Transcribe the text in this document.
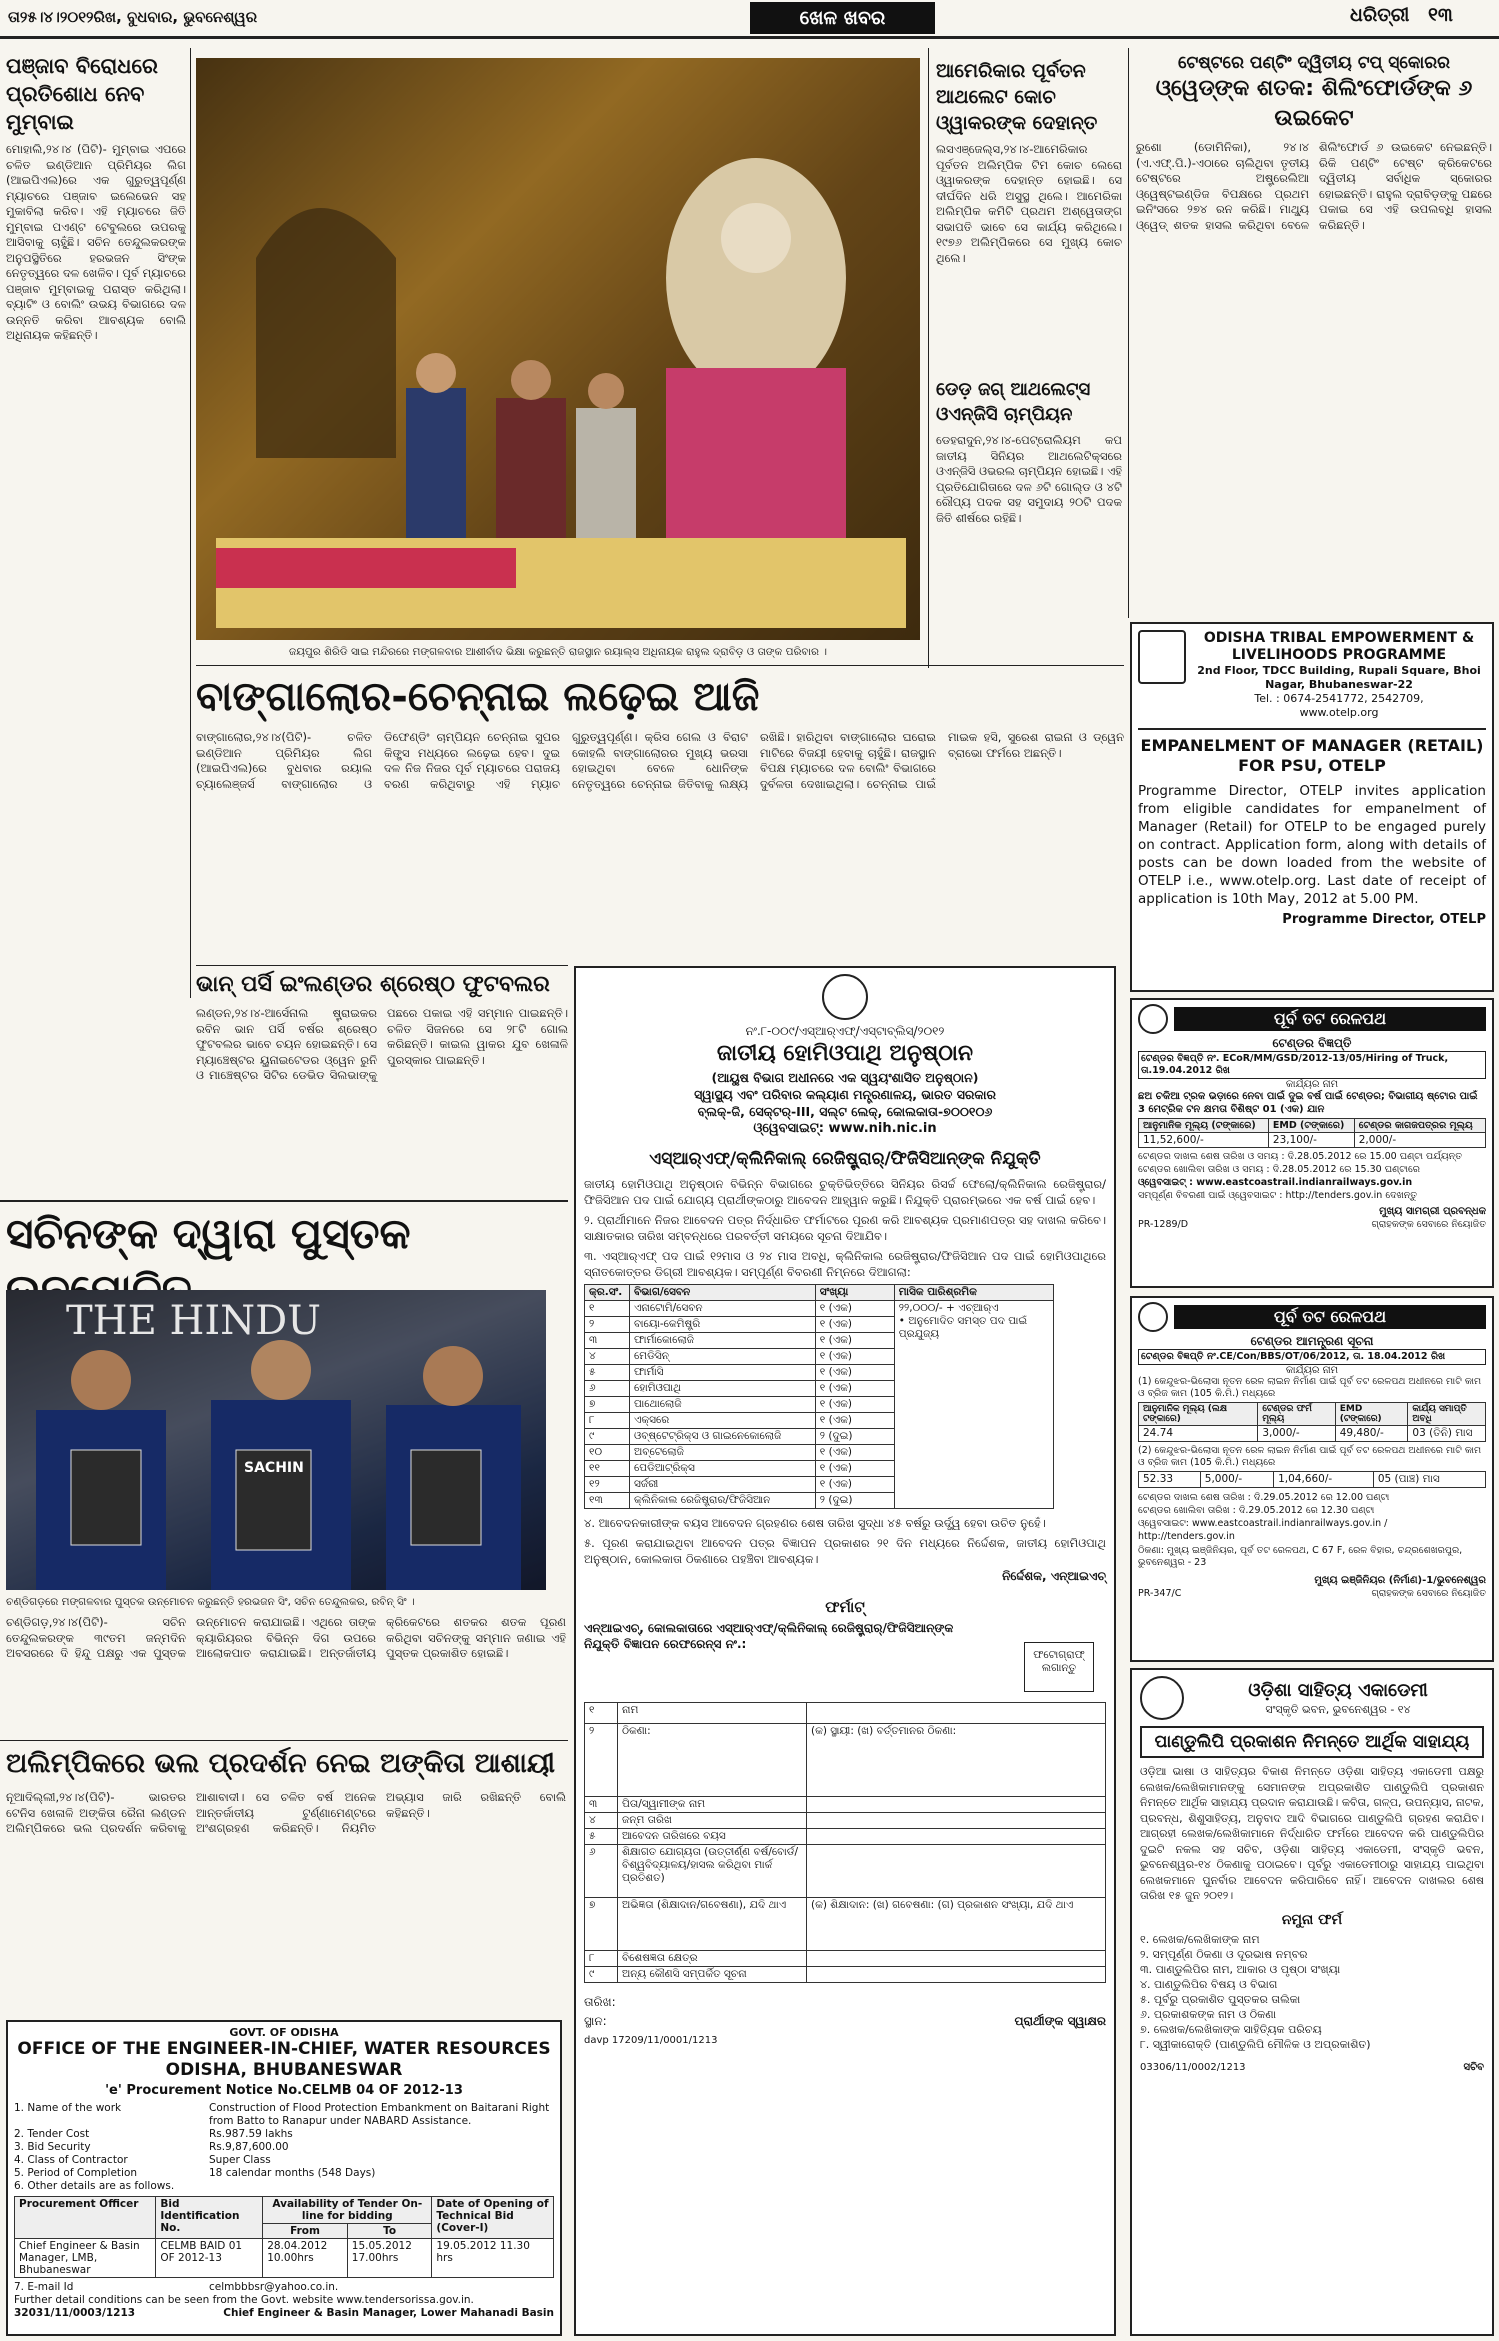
ତା୨୫।୪।୨୦୧୨ରିଖ, ବୁଧବାର, ଭୁବନେଶ୍ୱର	ଖେଳ ଖବର	ଧରିତ୍ରୀ ୧୩
ପଞ୍ଜାବ ବିରୋଧରେ ପ୍ରତିଶୋଧ ନେବ ମୁମ୍ବାଇ
ମୋହାଲି,୨୪।୪ (ପିଟି)- ମୁମ୍ବାଇ ଏପରେ ଚଳିତ ଇଣ୍ଡିଆନ ପ୍ରିମିୟର ଲିଗ (ଆଇପିଏଲ)ରେ ଏକ ଗୁରୁତ୍ୱପୂର୍ଣ୍ଣ ମ୍ୟାଚରେ ପଞ୍ଜାବ ଇଲେଭେନ ସହ ମୁକାବିଲା କରିବ। ଏହି ମ୍ୟାଚରେ ଜିତି ମୁମ୍ବାଇ ପଏଣ୍ଟ ଟେବୁଲରେ ଉପରକୁ ଆସିବାକୁ ଚାହୁଁଛି। ସଚିନ ତେନ୍ଦୁଲକରଙ୍କ ଅନୁପସ୍ଥିତିରେ ହରଭଜନ ସିଂଙ୍କ ନେତୃତ୍ୱରେ ଦଳ ଖେଳିବ। ପୂର୍ବ ମ୍ୟାଚରେ ପଞ୍ଜାବ ମୁମ୍ବାଇକୁ ପରାସ୍ତ କରିଥିଲା। ବ୍ୟାଟିଂ ଓ ବୋଲିଂ ଉଭୟ ବିଭାଗରେ ଦଳ ଉନ୍ନତି କରିବା ଆବଶ୍ୟକ ବୋଲି ଅଧିନାୟକ କହିଛନ୍ତି।
ଜୟପୁର ଶିରିଡି ସାଇ ମନ୍ଦିରରେ ମଙ୍ଗଳବାର ଆଶୀର୍ବାଦ ଭିକ୍ଷା କରୁଛନ୍ତି ରାଜସ୍ଥାନ ରୟାଲ୍ସ ଅଧିନାୟକ ରାହୁଲ ଦ୍ରାବିଡ଼ ଓ ତାଙ୍କ ପରିବାର ।
ଆମେରିକାର ପୂର୍ବତନ ଆଥଲେଟ କୋଚ ଓ୍ୱାକରଙ୍କ ଦେହାନ୍ତ
ଲସଏଞ୍ଜେଲ୍ସ,୨୪।୪-ଆମେରିକାର ପୂର୍ବତନ ଅଲିମ୍ପିକ ଟିମ କୋଚ ଲେରୋ ଓ୍ୱାକରଙ୍କ ଦେହାନ୍ତ ହୋଇଛି। ସେ ଦୀର୍ଘଦିନ ଧରି ଅସୁସ୍ଥ ଥିଲେ। ଆମେରିକା ଅଲିମ୍ପିକ କମିଟି ପ୍ରଥମ ଅଶ୍ୱେତାଙ୍ଗ ସଭାପତି ଭାବେ ସେ କାର୍ଯ୍ୟ କରିଥିଲେ। ୧୯୭୬ ଅଲିମ୍ପିକରେ ସେ ମୁଖ୍ୟ କୋଚ ଥିଲେ।
ଡେଡ଼ ଜଗ୍ ଆଥଲେଟ୍ସ ଓଏନ୍‌ଜିସି ଚାମ୍ପିୟନ
ଡେହରାଦୁନ,୨୪।୪-ପେଟ୍ରୋଲିୟମ କପ ଜାତୀୟ ସିନିୟର ଆଥଲେଟିକ୍ସରେ ଓଏନ୍‌ଜିସି ଓଭରଲ ଚାମ୍ପିୟନ ହୋଇଛି। ଏହି ପ୍ରତିଯୋଗିତାରେ ଦଳ ୬ଟି ଗୋଲ୍ଡ ଓ ୪ଟି ରୌପ୍ୟ ପଦକ ସହ ସମୁଦାୟ ୨୦ଟି ପଦକ ଜିତି ଶୀର୍ଷରେ ରହିଛି।
ଟେଷ୍ଟରେ ପଣ୍ଟିଂ ଦ୍ୱିତୀୟ ଟପ୍ ସ୍କୋରର
ଓ୍ୱେଡ୍‌ଙ୍କ ଶତକ: ଶିଲିଂଫୋର୍ଡଙ୍କ ୬ ଉଇକେଟ
ରୁଶୋ (ଡୋମିନିକା), ୨୪।୪ (ଏ.ଏଫ୍.ପି.)-ଏଠାରେ ଚାଲିଥିବା ତୃତୀୟ ଟେଷ୍ଟରେ ଅଷ୍ଟ୍ରେଲିଆ ଓ୍ୱେଷ୍ଟଇଣ୍ଡିଜ ବିପକ୍ଷରେ ପ୍ରଥମ ଇନିଂସରେ ୨୭୪ ରନ କରିଛି। ମାଥ୍ୟୁ ଓ୍ୱେଡ୍ ଶତକ ହାସଲ କରିଥିବା ବେଳେ ଶିଲିଂଫୋର୍ଡ ୬ ଉଇକେଟ ନେଇଛନ୍ତି। ରିକି ପଣ୍ଟିଂ ଟେଷ୍ଟ କ୍ରିକେଟରେ ଦ୍ୱିତୀୟ ସର୍ବାଧିକ ସ୍କୋରର ହୋଇଛନ୍ତି। ରାହୁଲ ଦ୍ରାବିଡ଼ଙ୍କୁ ପଛରେ ପକାଇ ସେ ଏହି ଉପଲବ୍ଧି ହାସଲ କରିଛନ୍ତି।
ODISHA TRIBAL EMPOWERMENT & LIVELIHOODS PROGRAMME
2nd Floor, TDCC Building, Rupali Square, Bhoi Nagar, Bhubaneswar-22
Tel. : 0674-2541772, 2542709,
www.otelp.org
EMPANELMENT OF MANAGER (RETAIL) FOR PSU, OTELP
Programme Director, OTELP invites application from eligible candidates for empanelment of Manager (Retail) for OTELP to be engaged purely on contract. Application form, along with details of posts can be down loaded from the website of OTELP i.e., www.otelp.org. Last date of receipt of application is 10th May, 2012 at 5.00 PM.
Programme Director, OTELP
ବାଙ୍ଗାଲୋର-ଚେନ୍ନାଇ ଲଢ଼େଇ ଆଜି
ବାଙ୍ଗାଲୋର,୨୪।୪(ପିଟି)- ଚଳିତ ଇଣ୍ଡିଆନ ପ୍ରିମିୟର ଲିଗ (ଆଇପିଏଲ)ରେ ବୁଧବାର ରୟାଲ ଚ୍ୟାଲେଞ୍ଜର୍ସ ବାଙ୍ଗାଲୋର ଓ ଡିଫେଣ୍ଡିଂ ଚାମ୍ପିୟନ ଚେନ୍ନାଇ ସୁପର କିଙ୍ଗ୍ସ ମଧ୍ୟରେ ଲଢ଼େଇ ହେବ। ଦୁଇ ଦଳ ନିଜ ନିଜର ପୂର୍ବ ମ୍ୟାଚରେ ପରାଜୟ ବରଣ କରିଥିବାରୁ ଏହି ମ୍ୟାଚ ଗୁରୁତ୍ୱପୂର୍ଣ୍ଣ। କ୍ରିସ ଗେଲ ଓ ବିରାଟ କୋହଲି ବାଙ୍ଗାଲୋରର ମୁଖ୍ୟ ଭରସା ହୋଇଥିବା ବେଳେ ଧୋନିଙ୍କ ନେତୃତ୍ୱରେ ଚେନ୍ନାଇ ଜିତିବାକୁ ଲକ୍ଷ୍ୟ ରଖିଛି। ହାରିଥିବା ବାଙ୍ଗାଲୋର ଘରୋଇ ମାଟିରେ ବିଜୟୀ ହେବାକୁ ଚାହୁଁଛି। ରାଜସ୍ଥାନ ବିପକ୍ଷ ମ୍ୟାଚରେ ଦଳ ବୋଲିଂ ବିଭାଗରେ ଦୁର୍ବଳତା ଦେଖାଇଥିଲା। ଚେନ୍ନାଇ ପାଇଁ ମାଇକ ହସି, ସୁରେଶ ରାଇନା ଓ ଡ୍ୱେନ ବ୍ରାଭୋ ଫର୍ମରେ ଅଛନ୍ତି।
ଭାନ୍ ପର୍ସି ଇଂଲଣ୍ଡର ଶ୍ରେଷ୍ଠ ଫୁଟବଲର
ଲଣ୍ଡନ,୨୪।୪-ଆର୍ସେନାଲ ଷ୍ଟ୍ରାଇକର ରବିନ ଭାନ ପର୍ସି ବର୍ଷର ଶ୍ରେଷ୍ଠ ଫୁଟବଲର ଭାବେ ଚୟନ ହୋଇଛନ୍ତି। ସେ ମ୍ୟାଞ୍ଚେଷ୍ଟର ୟୁନାଇଟେଡର ଓ୍ୱେନ ରୁନି ଓ ମାଞ୍ଚେଷ୍ଟର ସିଟିର ଡେଭିଡ ସିଲଭାଙ୍କୁ ପଛରେ ପକାଇ ଏହି ସମ୍ମାନ ପାଇଛନ୍ତି। ଚଳିତ ସିଜନରେ ସେ ୨୮ଟି ଗୋଲ କରିଛନ୍ତି। କାଇଲ ୱାକର ଯୁବ ଖେଳାଳି ପୁରସ୍କାର ପାଇଛନ୍ତି।
ସଚିନଙ୍କ ଦ୍ୱାରା ପୁସ୍ତକ
THE HINDU
SACHIN
ଚଣ୍ଡିଗଡ଼ରେ ମଙ୍ଗଳବାର ପୁସ୍ତକ ଉନ୍ମୋଚନ କରୁଛନ୍ତି ହରଭଜନ ସିଂ, ସଚିନ ତେନ୍ଦୁଲକର, ରବିନ୍ ସିଂ ।
ଚଣ୍ଡିଗଡ଼,୨୪।୪(ପିଟି)- ସଚିନ ତେନ୍ଦୁଲକରଙ୍କ ୩୯ତମ ଜନ୍ମଦିନ ଅବସରରେ ଦି ହିନ୍ଦୁ ପକ୍ଷରୁ ଏକ ପୁସ୍ତକ ଉନ୍ମୋଚନ କରାଯାଇଛି। ଏଥିରେ ତାଙ୍କ କ୍ୟାରିୟରର ବିଭିନ୍ନ ଦିଗ ଉପରେ ଆଲୋକପାତ କରାଯାଇଛି। ଅନ୍ତର୍ଜାତୀୟ କ୍ରିକେଟରେ ଶତକର ଶତକ ପୂରଣ କରିଥିବା ସଚିନଙ୍କୁ ସମ୍ମାନ ଜଣାଇ ଏହି ପୁସ୍ତକ ପ୍ରକାଶିତ ହୋଇଛି।
ଅଲିମ୍ପିକରେ ଭଲ ପ୍ରଦର୍ଶନ ନେଇ ଅଙ୍କିତା ଆଶାୟୀ
ନୂଆଦିଲ୍ଲୀ,୨୪।୪(ପିଟି)- ଭାରତର ଟେନିସ ଖେଳାଳି ଅଙ୍କିତା ରୈନା ଲଣ୍ଡନ ଅଲିମ୍ପିକରେ ଭଲ ପ୍ରଦର୍ଶନ କରିବାକୁ ଆଶାବାଦୀ। ସେ ଚଳିତ ବର୍ଷ ଅନେକ ଆନ୍ତର୍ଜାତୀୟ ଟୁର୍ଣ୍ଣାମେଣ୍ଟରେ ଅଂଶଗ୍ରହଣ କରିଛନ୍ତି। ନିୟମିତ ଅଭ୍ୟାସ ଜାରି ରଖିଛନ୍ତି ବୋଲି କହିଛନ୍ତି।
GOVT. OF ODISHA
OFFICE OF THE ENGINEER-IN-CHIEF, WATER RESOURCES
ODISHA, BHUBANESWAR
'e' Procurement Notice No.CELMB 04 OF 2012-13
1. Name of the work	Construction of Flood Protection Embankment on Baitarani Right from Batto to Ranapur under NABARD Assistance.
2. Tender Cost	Rs.987.59 lakhs
3. Bid Security	Rs.9,87,600.00
4. Class of Contractor	Super Class
5. Period of Completion	18 calendar months (548 Days)
6. Other details are as follows.
Procurement Officer	Bid Identification No.	Availability of Tender On-line for bidding		Date of Opening of Technical Bid (Cover-I)
		From	To	
Chief Engineer & Basin Manager, LMB, Bhubaneswar	CELMB BAID 01 OF 2012-13	28.04.2012 10.00hrs	15.05.2012 17.00hrs	19.05.2012 11.30 hrs
7. E-mail Id	celmbbbsr@yahoo.co.in.
Further detail conditions can be seen from the Govt. website www.tendersorissa.gov.in.
32031/11/0003/1213	Chief Engineer & Basin Manager, Lower Mahanadi Basin
ନଂ.୮-୦୦୯/ଏସ୍‌ଆର୍‌ଏଫ୍/ଏସ୍ଟାବ୍ଲିସ୍/୨୦୧୨
ଜାତୀୟ ହୋମିଓପାଥି ଅନୁଷ୍ଠାନ
(ଆୟୁଷ ବିଭାଗ ଅଧୀନରେ ଏକ ସ୍ୱୟଂଶାସିତ ଅନୁଷ୍ଠାନ)
ସ୍ୱାସ୍ଥ୍ୟ ଏବଂ ପରିବାର କଲ୍ୟାଣ ମନ୍ତ୍ରଣାଳୟ, ଭାରତ ସରକାର
ବ୍ଲକ୍-ଜି, ସେକ୍ଟର୍-III, ସଲ୍ଟ ଲେକ୍, କୋଲକାତା-୭୦୦୧୦୬
ଓ୍ୱେବସାଇଟ୍: www.nih.nic.in
ଏସ୍‌ଆର୍‌ଏଫ୍/କ୍ଲିନିକାଲ୍ ରେଜିଷ୍ଟ୍ରାର୍/ଫିଜିସିଆନ୍‌ଙ୍କ ନିଯୁକ୍ତି
ଜାତୀୟ ହୋମିଓପାଥି ଅନୁଷ୍ଠାନ ବିଭିନ୍ନ ବିଭାଗରେ ଚୁକ୍ତିଭିତ୍ତିରେ ସିନିୟର ରିସର୍ଚ୍ଚ ଫେଲୋ/କ୍ଲିନିକାଲ ରେଜିଷ୍ଟ୍ରାର/ଫିଜିସିଆନ ପଦ ପାଇଁ ଯୋଗ୍ୟ ପ୍ରାର୍ଥୀଙ୍କଠାରୁ ଆବେଦନ ଆହ୍ୱାନ କରୁଛି। ନିଯୁକ୍ତି ପ୍ରାରମ୍ଭରେ ଏକ ବର୍ଷ ପାଇଁ ହେବ।
୨. ପ୍ରାର୍ଥୀମାନେ ନିଜର ଆବେଦନ ପତ୍ର ନିର୍ଦ୍ଧାରିତ ଫର୍ମାଟରେ ପୂରଣ କରି ଆବଶ୍ୟକ ପ୍ରମାଣପତ୍ର ସହ ଦାଖଲ କରିବେ। ସାକ୍ଷାତକାର ତାରିଖ ସମ୍ବନ୍ଧରେ ପରବର୍ତ୍ତୀ ସମୟରେ ସୂଚନା ଦିଆଯିବ।
୩. ଏସ୍‌ଆର୍‌ଏଫ୍ ପଦ ପାଇଁ ୧୨ମାସ ଓ ୨୪ ମାସ ଅବଧି, କ୍ଲିନିକାଲ ରେଜିଷ୍ଟ୍ରାର/ଫିଜିସିଆନ ପଦ ପାଇଁ ହୋମିଓପାଥିରେ ସ୍ନାତକୋତ୍ତର ଡିଗ୍ରୀ ଆବଶ୍ୟକ। ସମ୍ପୂର୍ଣ୍ଣ ବିବରଣୀ ନିମ୍ନରେ ଦିଆଗଲା:
କ୍ର.ସଂ.	ବିଭାଗ/ସେବନ	ସଂଖ୍ୟା	ମାସିକ ପାରିଶ୍ରମିକ
୧	ଏନାଟୋମି/ସେବନ	୧ (ଏକ)	୨୨,୦୦୦/- + ଏଚ୍‌ଆର୍‌ଏ
• ଅନୁମୋଦିତ ସମସ୍ତ ପଦ ପାଇଁ ପ୍ରଯୁଜ୍ୟ

୨	ବାୟୋ-କେମିଷ୍ଟ୍ରି	୧ (ଏକ)	
୩	ଫାର୍ମାକୋଲୋଜି	୧ (ଏକ)	
୪	ମେଡିସିନ୍	୧ (ଏକ)	
୫	ଫାର୍ମାସି	୧ (ଏକ)	
୬	ହୋମିଓପାଥି	୧ (ଏକ)	
୭	ପାଥୋଲୋଜି	୧ (ଏକ)	
୮	ଏକ୍ସରେ	୧ (ଏକ)	
୯	ଓବ୍‌ଷ୍ଟେଟ୍ରିକ୍ସ ଓ ଗାଇନେକୋଲୋଜି	୨ (ଦୁଇ)	
୧୦	ଅବ୍‌ଟେଲୋଜି	୧ (ଏକ)	
୧୧	ପେଡିଆଟ୍ରିକ୍ସ	୧ (ଏକ)	
୧୨	ସର୍ଜରୀ	୧ (ଏକ)	
୧୩	କ୍ଲିନିକାଲ ରେଜିଷ୍ଟ୍ରାର/ଫିଜିସିଆନ	୨ (ଦୁଇ)	
୪. ଆବେଦନକାରୀଙ୍କ ବୟସ ଆବେଦନ ଗ୍ରହଣର ଶେଷ ତାରିଖ ସୁଦ୍ଧା ୪୫ ବର୍ଷରୁ ଉର୍ଦ୍ଧ୍ୱ ହେବା ଉଚିତ ନୁହେଁ।
୫. ପୂରଣ କରାଯାଇଥିବା ଆବେଦନ ପତ୍ର ବିଜ୍ଞାପନ ପ୍ରକାଶର ୨୧ ଦିନ ମଧ୍ୟରେ ନିର୍ଦ୍ଦେଶକ, ଜାତୀୟ ହୋମିଓପାଥି ଅନୁଷ୍ଠାନ, କୋଲକାତା ଠିକଣାରେ ପହଞ୍ଚିବା ଆବଶ୍ୟକ।
ନିର୍ଦ୍ଦେଶକ, ଏନ୍‌ଆଇଏଚ୍
ଫର୍ମାଟ୍
ଏନ୍‌ଆଇଏଚ୍, କୋଲକାତାରେ ଏସ୍‌ଆର୍‌ଏଫ୍/କ୍ଲିନିକାଲ୍ ରେଜିଷ୍ଟ୍ରାର୍/ଫିଜିସିଆନ୍‌ଙ୍କ ନିଯୁକ୍ତି ବିଜ୍ଞାପନ ରେଫରେନ୍ସ ନଂ.:
ଫଟୋଗ୍ରାଫ୍ ଲଗାନ୍ତୁ
୧	ନାମ	
୨	ଠିକଣା:	(କ) ସ୍ଥାୟୀ: (ଖ) ବର୍ତ୍ତମାନର ଠିକଣା:
୩	ପିତା/ସ୍ୱାମୀଙ୍କ ନାମ	
୪	ଜନ୍ମ ତାରିଖ	
୫	ଆବେଦନ ତାରିଖରେ ବୟସ	
୬	ଶିକ୍ଷାଗତ ଯୋଗ୍ୟତା (ଉତ୍ତୀର୍ଣ୍ଣ ବର୍ଷ/ବୋର୍ଡ/ବିଶ୍ୱବିଦ୍ୟାଳୟ/ହାସଲ କରିଥିବା ମାର୍କ ପ୍ରତିଶତ)	
୭	ଅଭିଜ୍ଞତା (ଶିକ୍ଷାଦାନ/ଗବେଷଣା), ଯଦି ଥାଏ	(କ) ଶିକ୍ଷାଦାନ: (ଖ) ଗବେଷଣା: (ଗ) ପ୍ରକାଶନ ସଂଖ୍ୟା, ଯଦି ଥାଏ
୮	ବିଶେଷଜ୍ଞତା କ୍ଷେତ୍ର	
୯	ଅନ୍ୟ କୌଣସି ସମ୍ପର୍କିତ ସୂଚନା	
ତାରିଖ:
ସ୍ଥାନ:	ପ୍ରାର୍ଥୀଙ୍କ ସ୍ୱାକ୍ଷର
davp 17209/11/0001/1213
ପୂର୍ବ ତଟ ରେଳପଥ
ଟେଣ୍ଡର ବିଜ୍ଞପ୍ତି
ଟେଣ୍ଡର ବିଜ୍ଞପ୍ତି ନଂ. ECoR/MM/GSD/2012-13/05/Hiring of Truck, ତା.19.04.2012 ରିଖ
କାର୍ଯ୍ୟର ନାମ
ଛଅ ଚକିଆ ଟ୍ରକ ଭଡ଼ାରେ ନେବା ପାଇଁ ଦୁଇ ବର୍ଷ ପାଇଁ ଟେଣ୍ଡର; ବିଭାଗୀୟ ଷ୍ଟୋର ପାଇଁ 3 ମେଟ୍ରିକ ଟନ କ୍ଷମତା ବିଶିଷ୍ଟ 01 (ଏକ) ଯାନ
ଆନୁମାନିକ ମୂଲ୍ୟ (ଟଙ୍କାରେ)	EMD (ଟଙ୍କାରେ)	ଟେଣ୍ଡର କାଗଜପତ୍ରର ମୂଲ୍ୟ
11,52,600/-	23,100/-	2,000/-
ଟେଣ୍ଡର ଦାଖଲ ଶେଷ ତାରିଖ ଓ ସମୟ : ଦି.28.05.2012 ରେ 15.00 ଘଣ୍ଟା ପର୍ଯ୍ୟନ୍ତ
ଟେଣ୍ଡର ଖୋଲିବା ତାରିଖ ଓ ସମୟ : ଦି.28.05.2012 ରେ 15.30 ଘଣ୍ଟାରେ
ଓ୍ୱେବସାଇଟ୍ : www.eastcoastrail.indianrailways.gov.in
ସମ୍ପୂର୍ଣ୍ଣ ବିବରଣୀ ପାଇଁ ଓ୍ୱେବସାଇଟ : http://tenders.gov.in ଦେଖନ୍ତୁ
ମୁଖ୍ୟ ସାମଗ୍ରୀ ପ୍ରବନ୍ଧକ
PR-1289/D	ଗ୍ରାହକଙ୍କ ସେବାରେ ନିୟୋଜିତ
ପୂର୍ବ ତଟ ରେଳପଥ
ଟେଣ୍ଡର ଆମନ୍ତ୍ରଣ ସୂଚନା
ଟେଣ୍ଡର ବିଜ୍ଞପ୍ତି ନଂ.CE/Con/BBS/OT/06/2012, ତା. 18.04.2012 ରିଖ
କାର୍ଯ୍ୟର ନାମ
(1) କେନ୍ଦୁଝର-ଭିଲୋସା ନୂତନ ରେଳ ଲାଇନ ନିର୍ମାଣ ପାଇଁ ପୂର୍ବ ତଟ ରେଳପଥ ଅଧୀନରେ ମାଟି କାମ ଓ ବ୍ରିଜ କାମ (105 କି.ମି.) ମଧ୍ୟରେ
ଆନୁମାନିକ ମୂଲ୍ୟ (ଲକ୍ଷ ଟଙ୍କାରେ)	ଟେଣ୍ଡର ଫର୍ମ ମୂଲ୍ୟ	EMD (ଟଙ୍କାରେ)	କାର୍ଯ୍ୟ ସମାପ୍ତି ଅବଧି
24.74	3,000/-	49,480/-	03 (ତିନି) ମାସ
(2) କେନ୍ଦୁଝର-ଭିଲୋସା ନୂତନ ରେଳ ଲାଇନ ନିର୍ମାଣ ପାଇଁ ପୂର୍ବ ତଟ ରେଳପଥ ଅଧୀନରେ ମାଟି କାମ ଓ ବ୍ରିଜ କାମ (105 କି.ମି.) ମଧ୍ୟରେ
52.33	5,000/-	1,04,660/-	05 (ପାଞ୍ଚ) ମାସ
ଟେଣ୍ଡର ଦାଖଲ ଶେଷ ତାରିଖ : ଦି.29.05.2012 ରେ 12.00 ଘଣ୍ଟା
ଟେଣ୍ଡର ଖୋଲିବା ତାରିଖ : ଦି.29.05.2012 ରେ 12.30 ଘଣ୍ଟା
ଓ୍ୱେବସାଇଟ: www.eastcoastrail.indianrailways.gov.in / http://tenders.gov.in
ଠିକଣା: ମୁଖ୍ୟ ଇଞ୍ଜିନିୟର, ପୂର୍ବ ତଟ ରେଳପଥ, C 67 F, ରେଳ ବିହାର, ଚନ୍ଦ୍ରଶେଖରପୁର, ଭୁବନେଶ୍ୱର - 23
ମୁଖ୍ୟ ଇଞ୍ଜିନିୟର (ନିର୍ମାଣ)-1/ଭୁବନେଶ୍ୱର
PR-347/C	ଗ୍ରାହକଙ୍କ ସେବାରେ ନିୟୋଜିତ
ଓଡ଼ିଶା ସାହିତ୍ୟ ଏକାଡେମୀ
ସଂସ୍କୃତି ଭବନ, ଭୁବନେଶ୍ୱର - ୧୪
ପାଣ୍ଡୁଲିପି ପ୍ରକାଶନ ନିମନ୍ତେ ଆର୍ଥିକ ସାହାଯ୍ୟ
ଓଡ଼ିଆ ଭାଷା ଓ ସାହିତ୍ୟର ବିକାଶ ନିମନ୍ତେ ଓଡ଼ିଶା ସାହିତ୍ୟ ଏକାଡେମୀ ପକ୍ଷରୁ ଲେଖକ/ଲେଖିକାମାନଙ୍କୁ ସେମାନଙ୍କ ଅପ୍ରକାଶିତ ପାଣ୍ଡୁଲିପି ପ୍ରକାଶନ ନିମନ୍ତେ ଆର୍ଥିକ ସାହାଯ୍ୟ ପ୍ରଦାନ କରାଯାଉଛି। କବିତା, ଗଳ୍ପ, ଉପନ୍ୟାସ, ନାଟକ, ପ୍ରବନ୍ଧ, ଶିଶୁସାହିତ୍ୟ, ଅନୁବାଦ ଆଦି ବିଭାଗରେ ପାଣ୍ଡୁଲିପି ଗ୍ରହଣ କରାଯିବ। ଆଗ୍ରହୀ ଲେଖକ/ଲେଖିକାମାନେ ନିର୍ଦ୍ଧାରିତ ଫର୍ମରେ ଆବେଦନ କରି ପାଣ୍ଡୁଲିପିର ଦୁଇଟି ନକଲ ସହ ସଚିବ, ଓଡ଼ିଶା ସାହିତ୍ୟ ଏକାଡେମୀ, ସଂସ୍କୃତି ଭବନ, ଭୁବନେଶ୍ୱର-୧୪ ଠିକଣାକୁ ପଠାଇବେ। ପୂର୍ବରୁ ଏକାଡେମୀଠାରୁ ସାହାଯ୍ୟ ପାଇଥିବା ଲେଖକମାନେ ପୁନର୍ବାର ଆବେଦନ କରିପାରିବେ ନାହିଁ। ଆବେଦନ ଦାଖଲର ଶେଷ ତାରିଖ ୧୫ ଜୁନ ୨୦୧୨।
ନମୁନା ଫର୍ମ
୧. ଲେଖକ/ଲେଖିକାଙ୍କ ନାମ
୨. ସମ୍ପୂର୍ଣ୍ଣ ଠିକଣା ଓ ଦୂରଭାଷ ନମ୍ବର
୩. ପାଣ୍ଡୁଲିପିର ନାମ, ଆକାର ଓ ପୃଷ୍ଠା ସଂଖ୍ୟା
୪. ପାଣ୍ଡୁଲିପିର ବିଷୟ ଓ ବିଭାଗ
୫. ପୂର୍ବରୁ ପ୍ରକାଶିତ ପୁସ୍ତକର ତାଲିକା
୬. ପ୍ରକାଶକଙ୍କ ନାମ ଓ ଠିକଣା
୭. ଲେଖକ/ଲେଖିକାଙ୍କ ସାହିତ୍ୟିକ ପରିଚୟ
୮. ସ୍ୱୀକାରୋକ୍ତି (ପାଣ୍ଡୁଲିପି ମୌଳିକ ଓ ଅପ୍ରକାଶିତ)
03306/11/0002/1213	ସଚିବ
